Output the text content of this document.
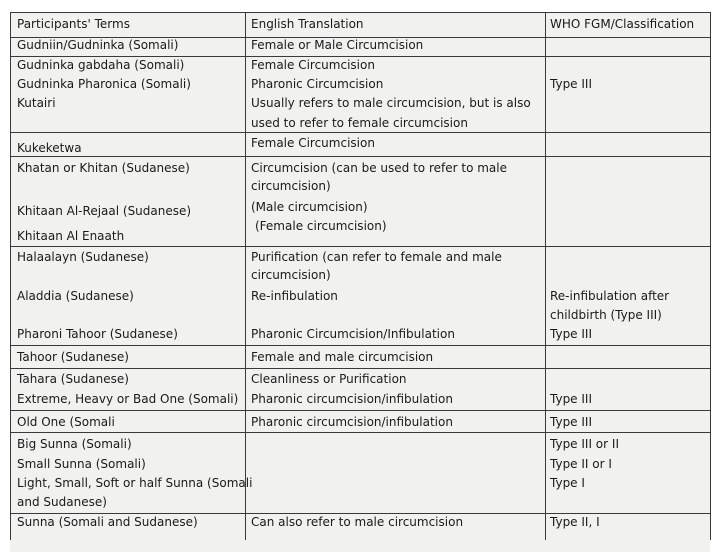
Participants' Terms	English Translation	WHO FGM/Classification
Gudniin/Gudninka (Somali)
Gudninka gabdaha (Somali)
Gudninka Pharonica (Somali)
Kutairi
Kukeketwa
Khatan or Khitan (Sudanese)
Khitaan Al-Rejaal (Sudanese)
Khitaan Al Enaath
Halaalayn (Sudanese)
Aladdia (Sudanese)
Pharoni Tahoor (Sudanese)
Tahoor (Sudanese)
Tahara (Sudanese)
Extreme, Heavy or Bad One (Somali)
Old One (Somali
Big Sunna (Somali)
Small Sunna (Somali)
Light, Small, Soft or half Sunna (Somali
and Sudanese)
Sunna (Somali and Sudanese)
Female or Male Circumcision
Female Circumcision
Pharonic Circumcision
Usually refers to male circumcision, but is also
used to refer to female circumcision
Female Circumcision
Circumcision (can be used to refer to male
circumcision)
(Male circumcision)
(Female circumcision)
Purification (can refer to female and male
circumcision)
Re-infibulation
Pharonic Circumcision/Infibulation
Female and male circumcision
Cleanliness or Purification
Pharonic circumcision/infibulation
Pharonic circumcision/infibulation
Can also refer to male circumcision
Type III
Re-infibulation after
childbirth (Type III)
Type III
Type III
Type III
Type III or II
Type II or I
Type I
Type II, I
